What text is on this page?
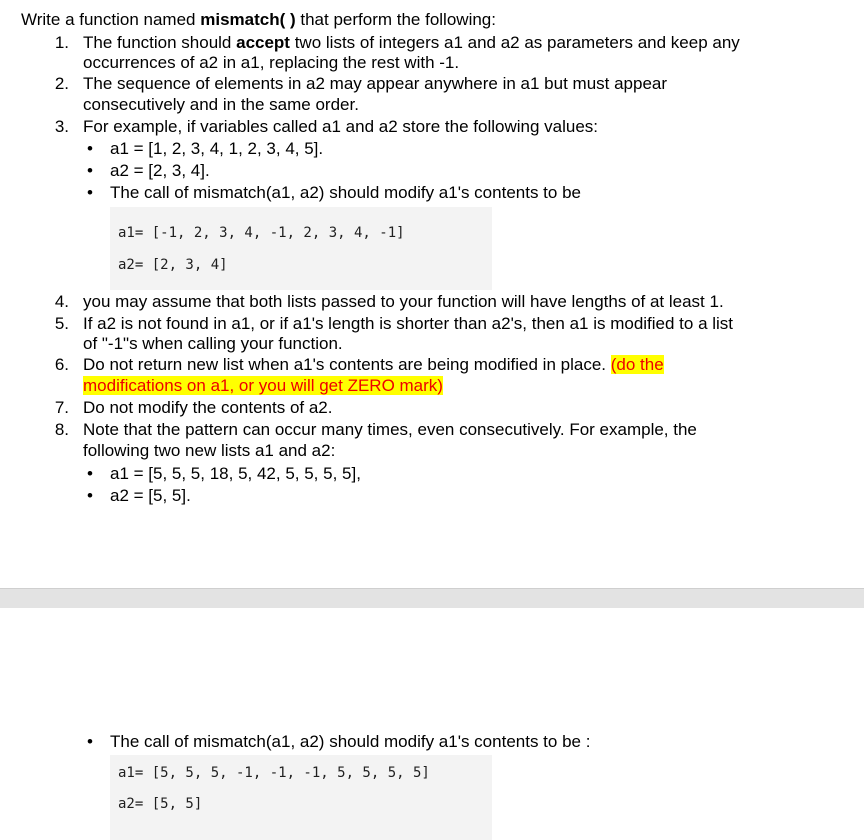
Write a function named mismatch( ) that perform the following:
1. The function should accept two lists of integers a1 and a2 as parameters and keep any
occurrences of a2 in a1, replacing the rest with -1.
2. The sequence of elements in a2 may appear anywhere in a1 but must appear
consecutively and in the same order.
3. For example, if variables called a1 and a2 store the following values:
• a1 = [1, 2, 3, 4, 1, 2, 3, 4, 5].
• a2 = [2, 3, 4].
• The call of mismatch(a1, a2) should modify a1's contents to be
a1= [-1, 2, 3, 4, -1, 2, 3, 4, -1]
a2= [2, 3, 4]
4. you may assume that both lists passed to your function will have lengths of at least 1.
5. If a2 is not found in a1, or if a1's length is shorter than a2's, then a1 is modified to a list
of "-1"s when calling your function.
6. Do not return new list when a1's contents are being modified in place. (do the
modifications on a1, or you will get ZERO mark)
7. Do not modify the contents of a2.
8. Note that the pattern can occur many times, even consecutively. For example, the
following two new lists a1 and a2:
• a1 = [5, 5, 5, 18, 5, 42, 5, 5, 5, 5],
• a2 = [5, 5].
• The call of mismatch(a1, a2) should modify a1's contents to be :
a1= [5, 5, 5, -1, -1, -1, 5, 5, 5, 5]
a2= [5, 5]
